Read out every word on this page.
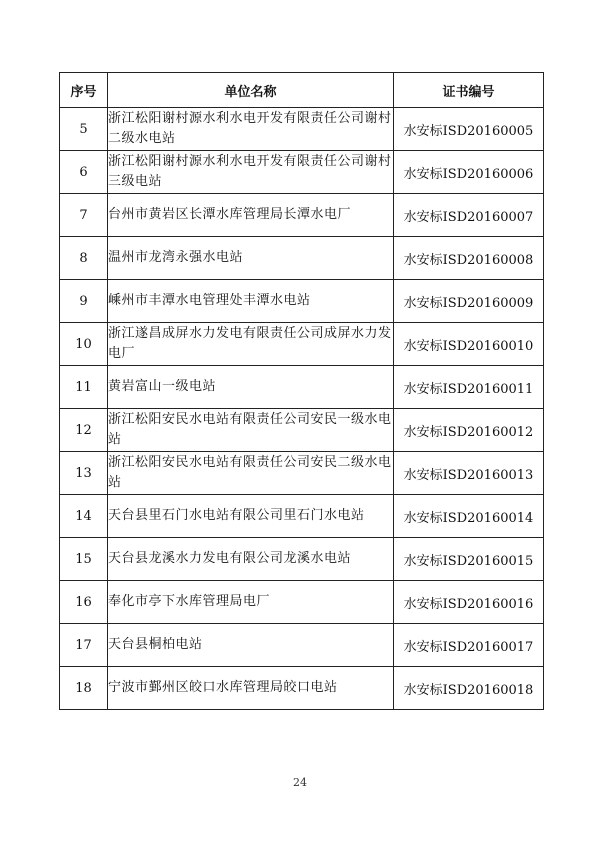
序号	单位名称	证书编号
5	浙江松阳谢村源水利水电开发有限责任公司谢村二级水电站	水安标ⅠSD20160005
6	浙江松阳谢村源水利水电开发有限责任公司谢村三级电站	水安标ⅠSD20160006
7	台州市黄岩区长潭水库管理局长潭水电厂	水安标ⅠSD20160007
8	温州市龙湾永强水电站	水安标ⅠSD20160008
9	嵊州市丰潭水电管理处丰潭水电站	水安标ⅠSD20160009
10	浙江遂昌成屏水力发电有限责任公司成屏水力发电厂	水安标ⅠSD20160010
11	黄岩富山一级电站	水安标ⅠSD20160011
12	浙江松阳安民水电站有限责任公司安民一级水电站	水安标ⅠSD20160012
13	浙江松阳安民水电站有限责任公司安民二级水电站	水安标ⅠSD20160013
14	天台县里石门水电站有限公司里石门水电站	水安标ⅠSD20160014
15	天台县龙溪水力发电有限公司龙溪水电站	水安标ⅠSD20160015
16	奉化市亭下水库管理局电厂	水安标ⅠSD20160016
17	天台县桐柏电站	水安标ⅠSD20160017
18	宁波市鄞州区皎口水库管理局皎口电站	水安标ⅠSD20160018
24
